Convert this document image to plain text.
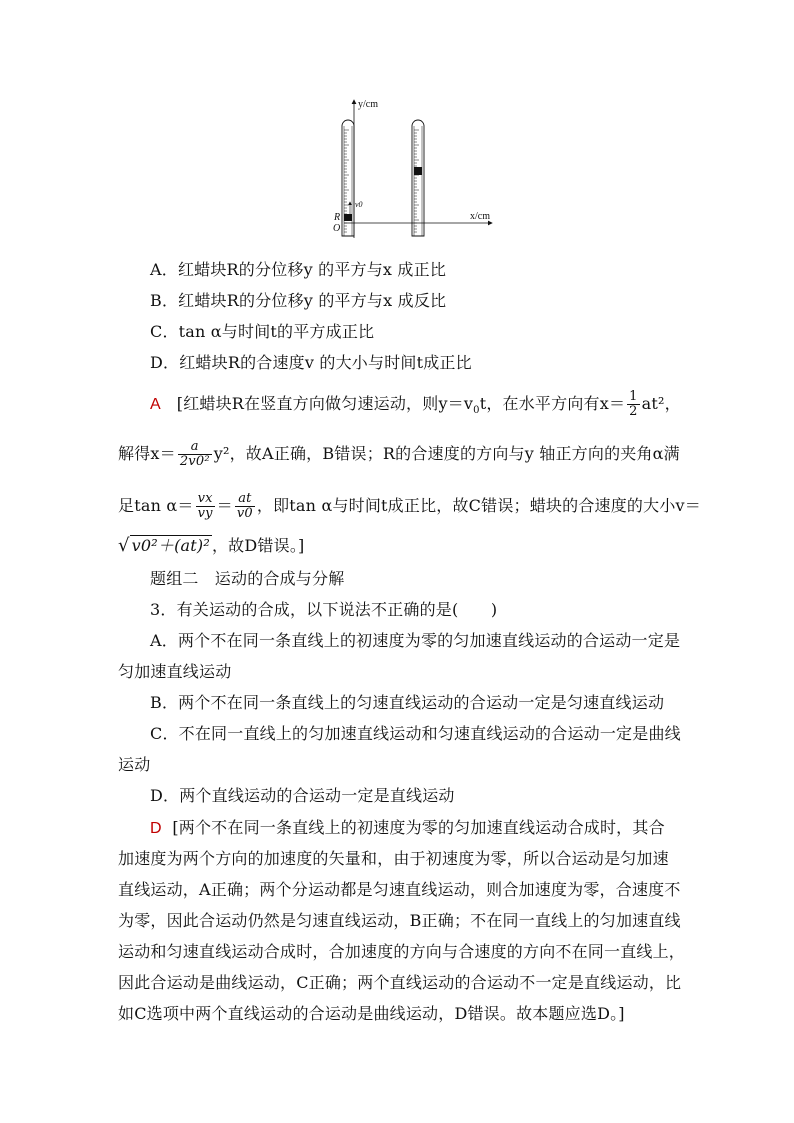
y/cm
x/cm
O
R
v0
A．红蜡块R的分位移y 的平方与x 成正比
B．红蜡块R的分位移y 的平方与x 成反比
C．tan α与时间t的平方成正比
D．红蜡块R的合速度v 的大小与时间t成正比
A [红蜡块R在竖直方向做匀速运动，则$y=v_0t$，在水平方向有$x= \frac{1}{2} at^2$，
解得$x= \frac{a}{\text{2v0²}} y^2$，故A正确，B错误；R的合速度的方向与y 轴正方向的夹角α满
足$\tan \alpha= \frac{vx}{vy} = \frac{at}{v0}$ ，即tan α与时间t成正比，故C错误；蜡块的合速度的大小v＝
√ v0²＋(at)² ，故D错误。]
题组二　运动的合成与分解
3．有关运动的合成，以下说法不正确的是(　　)
A．两个不在同一条直线上的初速度为零的匀加速直线运动的合运动一定是
匀加速直线运动
B．两个不在同一条直线上的匀速直线运动的合运动一定是匀速直线运动
C．不在同一直线上的匀加速直线运动和匀速直线运动的合运动一定是曲线
运动
D．两个直线运动的合运动一定是直线运动
D [两个不在同一条直线上的初速度为零的匀加速直线运动合成时，其合
加速度为两个方向的加速度的矢量和，由于初速度为零，所以合运动是匀加速
直线运动，A正确；两个分运动都是匀速直线运动，则合加速度为零，合速度不
为零，因此合运动仍然是匀速直线运动，B正确；不在同一直线上的匀加速直线
运动和匀速直线运动合成时，合加速度的方向与合速度的方向不在同一直线上，
因此合运动是曲线运动，C正确；两个直线运动的合运动不一定是直线运动，比
如C选项中两个直线运动的合运动是曲线运动，D错误。故本题应选D。]
